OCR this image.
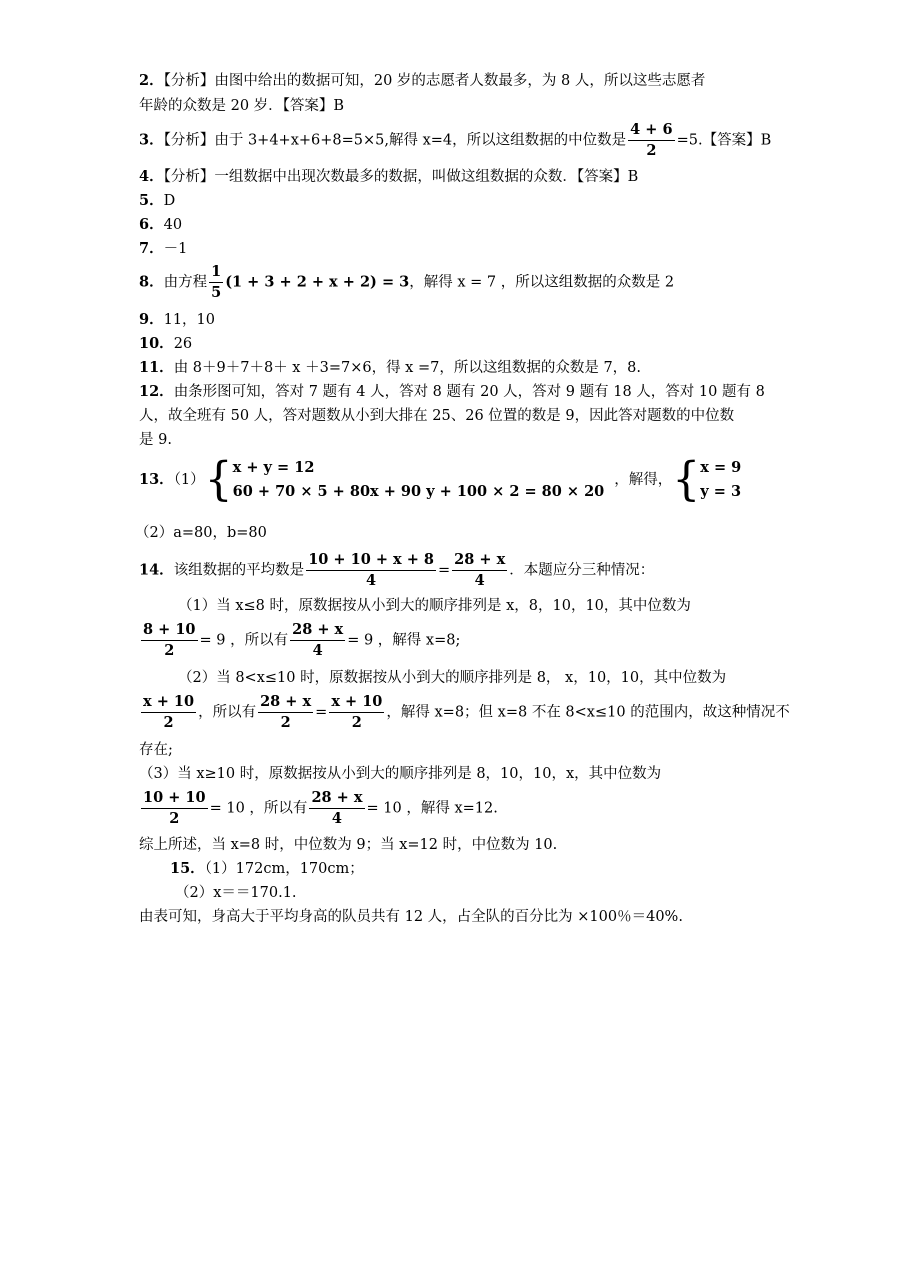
2．【分析】由图中给出的数据可知，20 岁的志愿者人数最多，为 8 人，所以这些志愿者
年龄的众数是 20 岁．【答案】B
3．【分析】由于 3+4+x+6+8=5×5,解得 x=4，所以这组数据的中位数是 $\frac{4 + 6}{2} =5$.【答案】B
4．【分析】一组数据中出现次数最多的数据，叫做这组数据的众数．【答案】B
5．D
6．40
7．－1
8．由方程 $\frac{1}{5} (1 + 3 + 2 + x + 2) = 3$，解得 x = 7 ，所以这组数据的众数是 2
9．11，10
10．26
11．由 8＋9＋7＋8＋ x ＋3=7×6，得 x =7，所以这组数据的众数是 7，8.
12．由条形图可知，答对 7 题有 4 人，答对 8 题有 20 人，答对 9 题有 18 人，答对 10 题有 8
人，故全班有 50 人，答对题数从小到大排在 25、26 位置的数是 9，因此答对题数的中位数
是 9.
13．（1）{ x + y = 12
60 + 70 × 5 + 80x + 90 y + 100 × 2 = 80 × 20
，解得，{ x = 9
y = 3
（2）a=80，b=80
14．该组数据的平均数是 $\frac{10 + 10 + x + 8}{4} = \frac{28 + x}{4}$ ．本题应分三种情况：
（1）当 x≤8 时，原数据按从小到大的顺序排列是 x，8，10，10，其中位数为
$\frac{8 + 10}{2} = 9$ ，所以有 $\frac{28 + x}{4} = 9$ ，解得 x=8;
（2）当 8<x≤10 时，原数据按从小到大的顺序排列是 8， x，10，10，其中位数为
$\frac{x + 10}{2}$ ，所以有 $\frac{28 + x}{2} = \frac{x + 10}{2}$ ，解得 x=8；但 x=8 不在 8<x≤10 的范围内，故这种情况不
存在;
（3）当 x≥10 时，原数据按从小到大的顺序排列是 8，10，10，x，其中位数为
$\frac{10 + 10}{2} = 10$ ，所以有 $\frac{28 + x}{4} = 10$ ，解得 x=12.
综上所述，当 x=8 时，中位数为 9；当 x=12 时，中位数为 10.
15．（1）172cm，170cm；
（2）x＝＝170.1.
由表可知，身高大于平均身高的队员共有 12 人，占全队的百分比为 ×100％＝40%.
